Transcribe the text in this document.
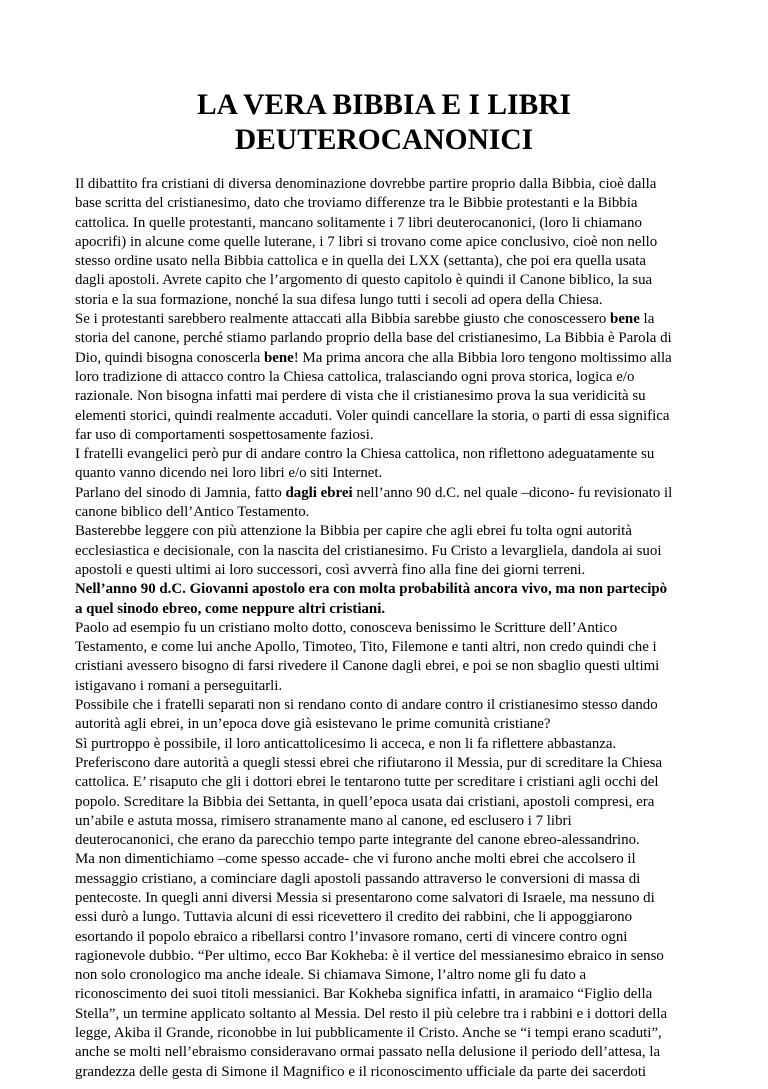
LA VERA BIBBIA E I LIBRI
DEUTEROCANONICI
Il dibattito fra cristiani di diversa denominazione dovrebbe partire proprio dalla Bibbia, cioè dalla
base scritta del cristianesimo, dato che troviamo differenze tra le Bibbie protestanti e la Bibbia
cattolica. In quelle protestanti, mancano solitamente i 7 libri deuterocanonici, (loro li chiamano
apocrifi) in alcune come quelle luterane, i 7 libri si trovano come apice conclusivo, cioè non nello
stesso ordine usato nella Bibbia cattolica e in quella dei LXX (settanta), che poi era quella usata
dagli apostoli. Avrete capito che l’argomento di questo capitolo è quindi il Canone biblico, la sua
storia e la sua formazione, nonché la sua difesa lungo tutti i secoli ad opera della Chiesa.
Se i protestanti sarebbero realmente attaccati alla Bibbia sarebbe giusto che conoscessero bene la
storia del canone, perché stiamo parlando proprio della base del cristianesimo, La Bibbia è Parola di
Dio, quindi bisogna conoscerla bene! Ma prima ancora che alla Bibbia loro tengono moltissimo alla
loro tradizione di attacco contro la Chiesa cattolica, tralasciando ogni prova storica, logica e/o
razionale. Non bisogna infatti mai perdere di vista che il cristianesimo prova la sua veridicità su
elementi storici, quindi realmente accaduti. Voler quindi cancellare la storia, o parti di essa significa
far uso di comportamenti sospettosamente faziosi.
I fratelli evangelici però pur di andare contro la Chiesa cattolica, non riflettono adeguatamente su
quanto vanno dicendo nei loro libri e/o siti Internet.
Parlano del sinodo di Jamnia, fatto dagli ebrei nell’anno 90 d.C. nel quale –dicono- fu revisionato il
canone biblico dell’Antico Testamento.
Basterebbe leggere con più attenzione la Bibbia per capire che agli ebrei fu tolta ogni autorità
ecclesiastica e decisionale, con la nascita del cristianesimo. Fu Cristo a levargliela, dandola ai suoi
apostoli e questi ultimi ai loro successori, così avverrà fino alla fine dei giorni terreni.
Nell’anno 90 d.C. Giovanni apostolo era con molta probabilità ancora vivo, ma non partecipò
a quel sinodo ebreo, come neppure altri cristiani.
Paolo ad esempio fu un cristiano molto dotto, conosceva benissimo le Scritture dell’Antico
Testamento, e come lui anche Apollo, Timoteo, Tito, Filemone e tanti altri, non credo quindi che i
cristiani avessero bisogno di farsi rivedere il Canone dagli ebrei, e poi se non sbaglio questi ultimi
istigavano i romani a perseguitarli.
Possibile che i fratelli separati non si rendano conto di andare contro il cristianesimo stesso dando
autorità agli ebrei, in un’epoca dove già esistevano le prime comunità cristiane?
Sì purtroppo è possibile, il loro anticattolicesimo li acceca, e non li fa riflettere abbastanza.
Preferiscono dare autorità a quegli stessi ebrei che rifiutarono il Messia, pur di screditare la Chiesa
cattolica. E’ risaputo che gli i dottori ebrei le tentarono tutte per screditare i cristiani agli occhi del
popolo. Screditare la Bibbia dei Settanta, in quell’epoca usata dai cristiani, apostoli compresi, era
un’abile e astuta mossa, rimisero stranamente mano al canone, ed esclusero i 7 libri
deuterocanonici, che erano da parecchio tempo parte integrante del canone ebreo-alessandrino.
Ma non dimentichiamo –come spesso accade- che vi furono anche molti ebrei che accolsero il
messaggio cristiano, a cominciare dagli apostoli passando attraverso le conversioni di massa di
pentecoste. In quegli anni diversi Messia si presentarono come salvatori di Israele, ma nessuno di
essi durò a lungo. Tuttavia alcuni di essi ricevettero il credito dei rabbini, che li appoggiarono
esortando il popolo ebraico a ribellarsi contro l’invasore romano, certi di vincere contro ogni
ragionevole dubbio. “Per ultimo, ecco Bar Kokheba: è il vertice del messianesimo ebraico in senso
non solo cronologico ma anche ideale. Si chiamava Simone, l’altro nome gli fu dato a
riconoscimento dei suoi titoli messianici. Bar Kokheba significa infatti, in aramaico “Figlio della
Stella”, un termine applicato soltanto al Messia. Del resto il più celebre tra i rabbini e i dottori della
legge, Akiba il Grande, riconobbe in lui pubblicamente il Cristo. Anche se “i tempi erano scaduti”,
anche se molti nell’ebraismo consideravano ormai passato nella delusione il periodo dell’attesa, la
grandezza delle gesta di Simone il Magnifico e il riconoscimento ufficiale da parte dei sacerdoti
